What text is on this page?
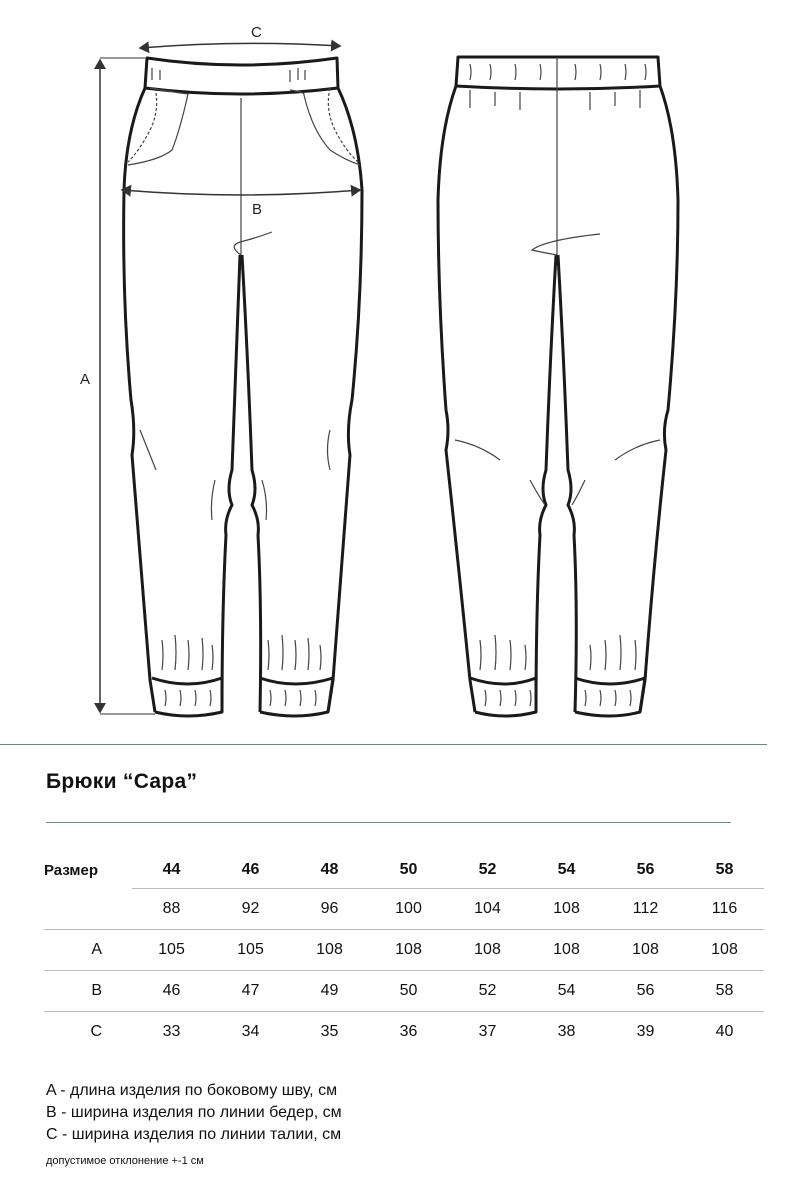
A
B
C
Брюки “Сара”
Размер	44	46	48	50	52	54	56	58
	88	92	96	100	104	108	112	116
A	105	105	108	108	108	108	108	108
B	46	47	49	50	52	54	56	58
C	33	34	35	36	37	38	39	40
A - длина изделия по боковому шву, см
B - ширина изделия по линии бедер, см
C - ширина изделия по линии талии, см
допустимое отклонение +-1 см
